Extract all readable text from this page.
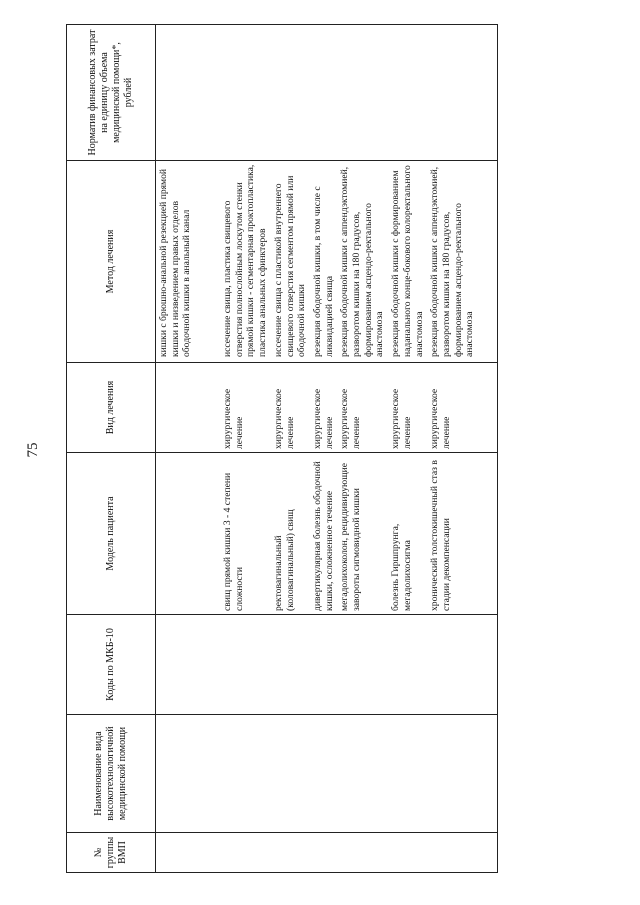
75
№ группы ВМП	Наименование вида высокотехнологичной медицинской помощи	Коды по МКБ-10	Модель пациента	Вид лечения	Метод лечения	Норматив финансовых затрат на единицу объема медицинской помощи*, рублей
					кишки с брюшно-анальной резекцией прямой кишки и низведением правых отделов ободочной кишки в анальный канал	
			свищ прямой кишки 3 - 4 степени сложности	хирургическое лечение	иссечение свища, пластика свищевого отверстия полнослойным лоскутом стенки прямой кишки - сегментарная проктопластика, пластика анальных сфинктеров	
			ректовагинальный (коловагинальный) свищ	хирургическое лечение	иссечение свища с пластикой внутреннего свищевого отверстия сегментом прямой или ободочной кишки	
			дивертикулярная болезнь ободочной кишки, осложненное течение	хирургическое лечение	резекция ободочной кишки, в том числе с ликвидацией свища	
			мегадолихоколон, рецидивирующие завороты сигмовидной кишки	хирургическое лечение	резекция ободочной кишки с аппендэктомией, разворотом кишки на 180 градусов, формированием асцендо-ректального анастомоза	
			болезнь Гиршпрунга, мегадолихосигма	хирургическое лечение	резекция ободочной кишки с формированием наданального конце-бокового колоректального анастомоза	
			хронический толстокишечный стаз в стадии декомпенсации	хирургическое лечение	резекция ободочной кишки с аппендэктомией, разворотом кишки на 180 градусов, формированием асцендо-ректального анастомоза	
